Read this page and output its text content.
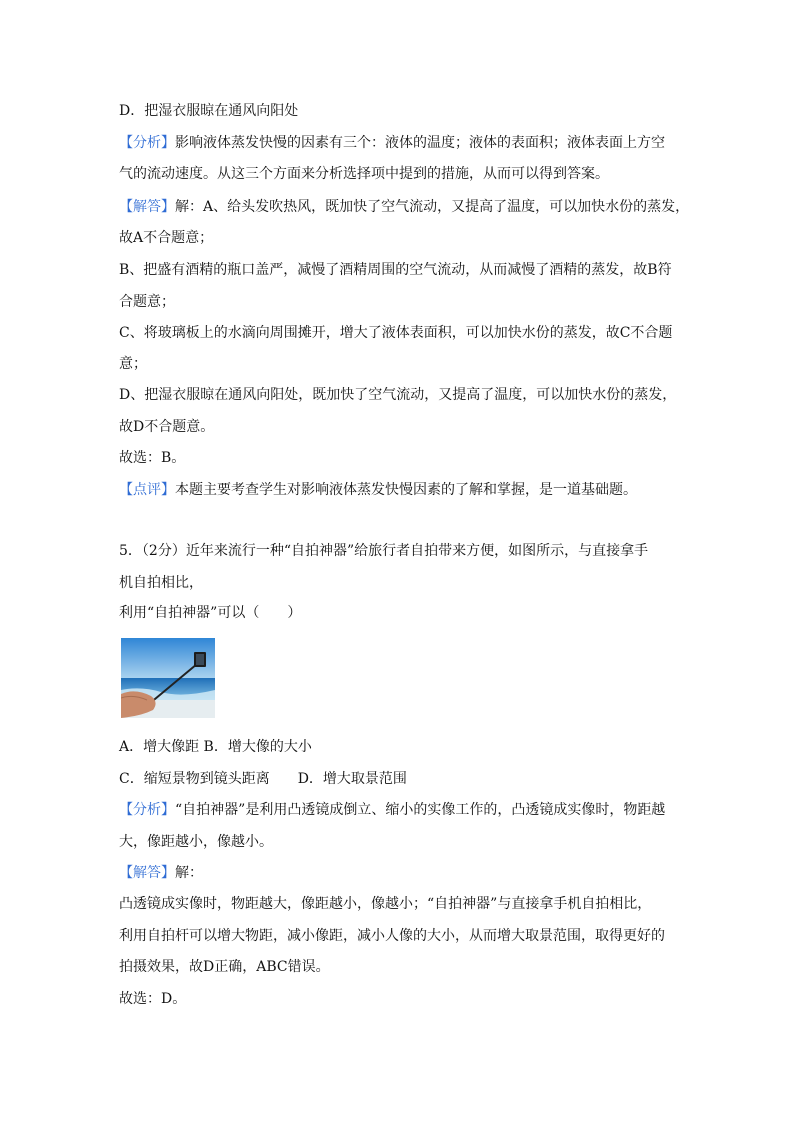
D．把湿衣服晾在通风向阳处
【分析】影响液体蒸发快慢的因素有三个：液体的温度；液体的表面积；液体表面上方空
气的流动速度。从这三个方面来分析选择项中提到的措施，从而可以得到答案。
【解答】解：A、给头发吹热风，既加快了空气流动，又提高了温度，可以加快水份的蒸发，
故A不合题意；
B、把盛有酒精的瓶口盖严，减慢了酒精周围的空气流动，从而减慢了酒精的蒸发，故B符
合题意；
C、将玻璃板上的水滴向周围摊开，增大了液体表面积，可以加快水份的蒸发，故C不合题
意；
D、把湿衣服晾在通风向阳处，既加快了空气流动，又提高了温度，可以加快水份的蒸发，
故D不合题意。
故选：B。
【点评】本题主要考查学生对影响液体蒸发快慢因素的了解和掌握，是一道基础题。
5．（2分）近年来流行一种“自拍神器”给旅行者自拍带来方便，如图所示，与直接拿手
机自拍相比，
利用“自拍神器”可以（　　）
A．增大像距 B．增大像的大小
C．缩短景物到镜头距离　　D．增大取景范围
【分析】“自拍神器”是利用凸透镜成倒立、缩小的实像工作的，凸透镜成实像时，物距越
大，像距越小，像越小。
【解答】解：
凸透镜成实像时，物距越大，像距越小，像越小；“自拍神器”与直接拿手机自拍相比，
利用自拍杆可以增大物距，减小像距，减小人像的大小，从而增大取景范围，取得更好的
拍摄效果，故D正确，ABC错误。
故选：D。
